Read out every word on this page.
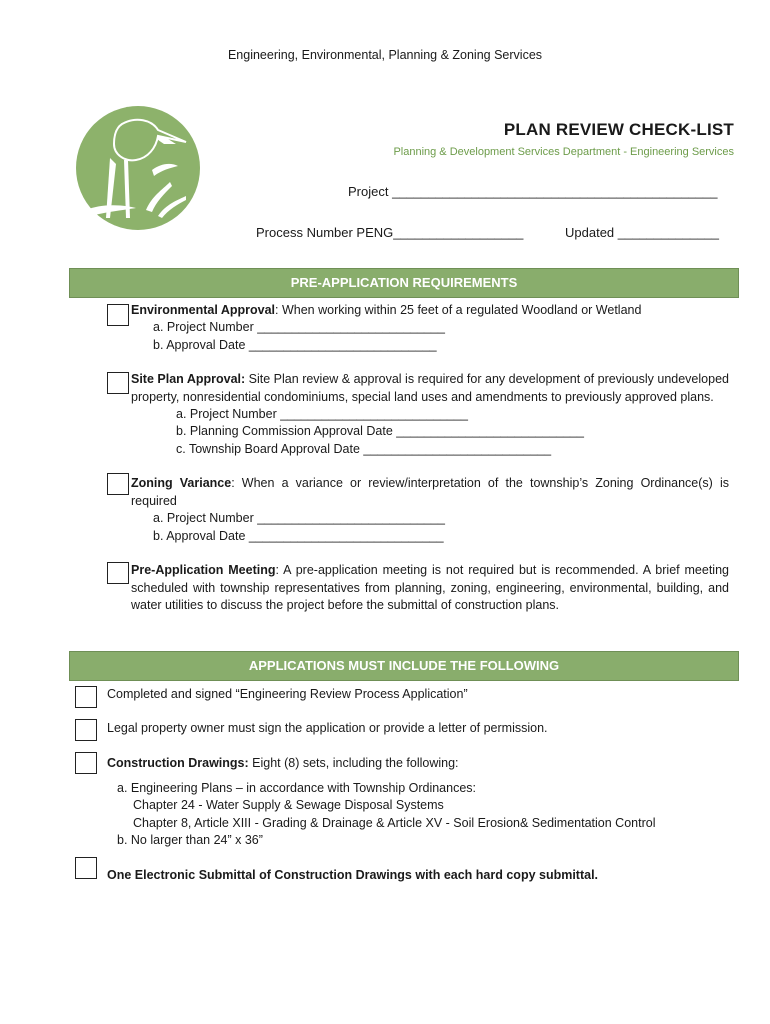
Engineering, Environmental, Planning & Zoning Services
PLAN REVIEW CHECK-LIST
Planning & Development Services Department - Engineering Services
Project _____________________________________________
Process Number PENG__________________	Updated ______________
PRE-APPLICATION REQUIREMENTS
Environmental Approval: When working within 25 feet of a regulated Woodland or Wetland
a. Project Number ___________________________
b. Approval Date ___________________________
Site Plan Approval: Site Plan review & approval is required for any development of previously undeveloped property, nonresidential condominiums, special land uses and amendments to previously approved plans.
a. Project Number ___________________________
b. Planning Commission Approval Date ___________________________
c. Township Board Approval Date ___________________________
Zoning Variance: When a variance or review/interpretation of the township’s Zoning Ordinance(s) is required
a. Project Number ___________________________
b. Approval Date ____________________________
Pre-Application Meeting: A pre-application meeting is not required but is recommended. A brief meeting scheduled with township representatives from planning, zoning, engineering, environmental, building, and water utilities to discuss the project before the submittal of construction plans.
APPLICATIONS MUST INCLUDE THE FOLLOWING
Completed and signed “Engineering Review Process Application”
Legal property owner must sign the application or provide a letter of permission.
Construction Drawings: Eight (8) sets, including the following:
a. Engineering Plans – in accordance with Township Ordinances:
Chapter 24 - Water Supply & Sewage Disposal Systems
Chapter 8, Article XIII - Grading & Drainage & Article XV - Soil Erosion& Sedimentation Control
b. No larger than 24” x 36”
One Electronic Submittal of Construction Drawings with each hard copy submittal.
